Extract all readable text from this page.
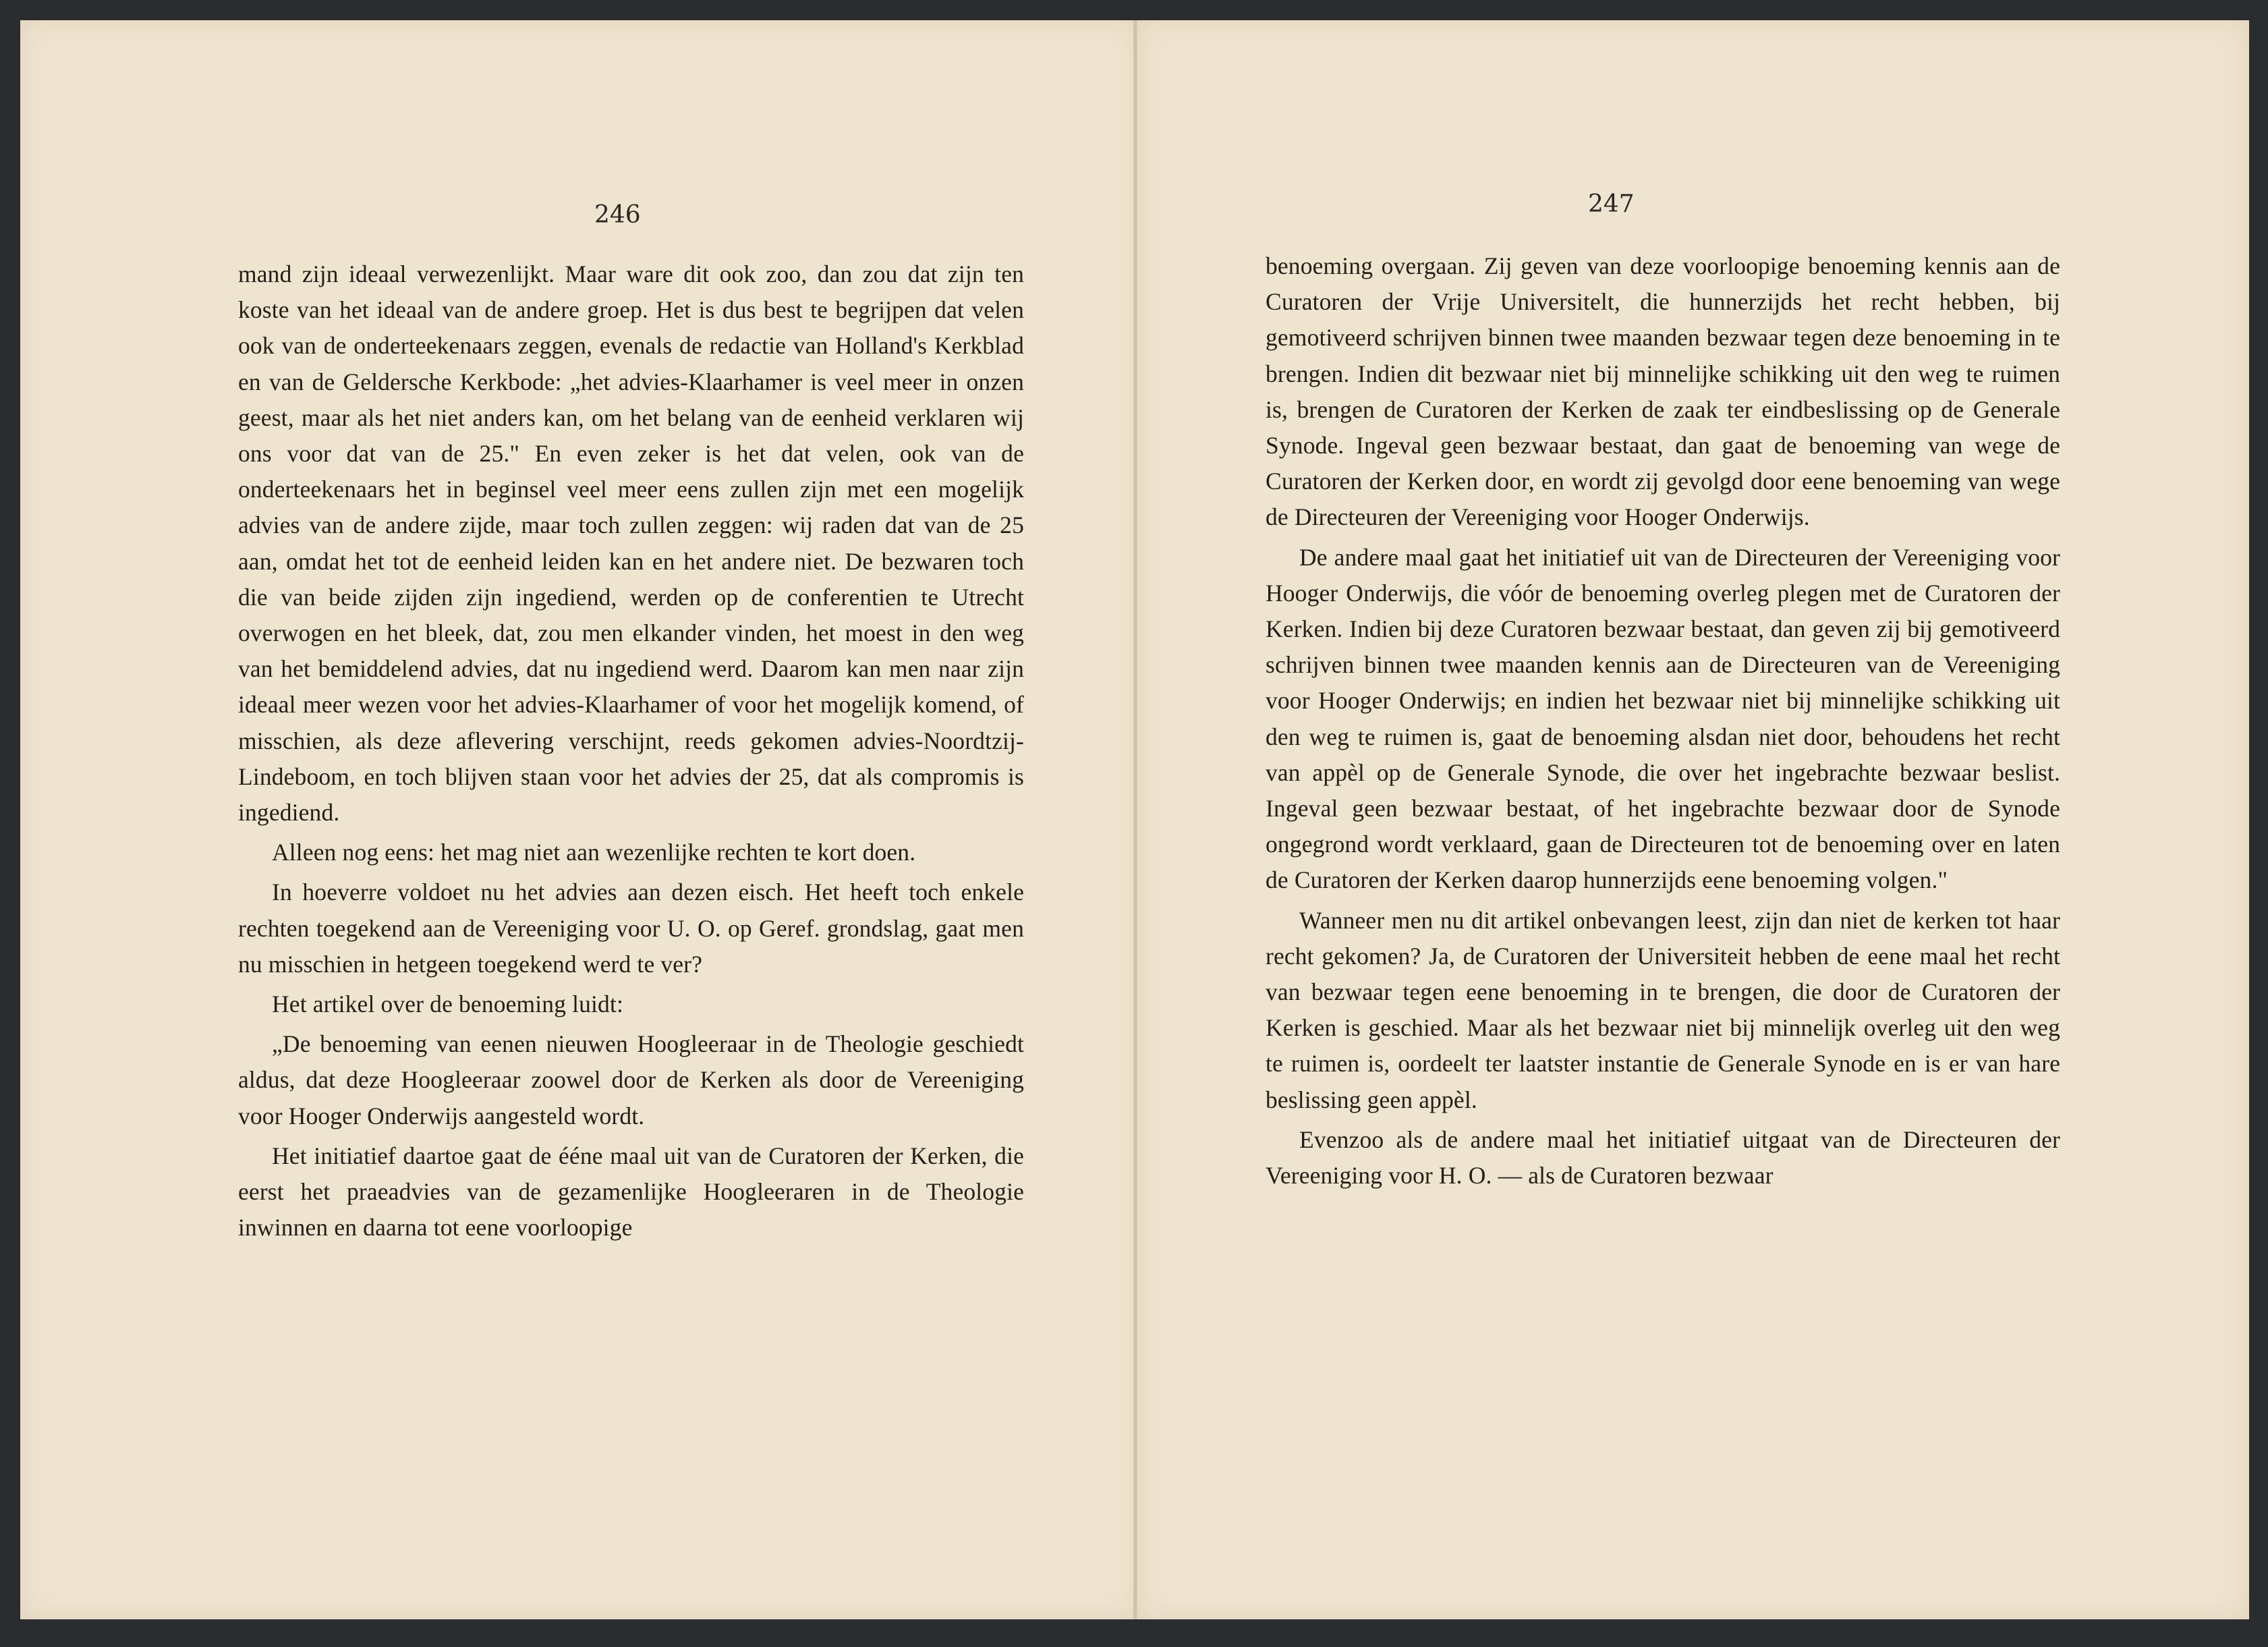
246

mand zijn ideaal verwezenlijkt. Maar ware dit ook zoo, dan zou dat zijn ten koste van het ideaal van de andere groep. Het is dus best te begrijpen dat velen ook van de onderteekenaars zeggen, evenals de redactie van Holland's Kerkblad en van de Geldersche Kerkbode: „het advies-Klaarhamer is veel meer in onzen geest, maar als het niet anders kan, om het belang van de eenheid verklaren wij ons voor dat van de 25." En even zeker is het dat velen, ook van de onderteekenaars het in beginsel veel meer eens zullen zijn met een mogelijk advies van de andere zijde, maar toch zullen zeggen: wij raden dat van de 25 aan, omdat het tot de eenheid leiden kan en het andere niet. De bezwaren toch die van beide zijden zijn ingediend, werden op de conferentien te Utrecht overwogen en het bleek, dat, zou men elkander vinden, het moest in den weg van het bemiddelend advies, dat nu ingediend werd. Daarom kan men naar zijn ideaal meer wezen voor het advies-Klaarhamer of voor het mogelijk komend, of misschien, als deze aflevering verschijnt, reeds gekomen advies-Noordtzij-Lindeboom, en toch blijven staan voor het advies der 25, dat als compromis is ingediend.

Alleen nog eens: het mag niet aan wezenlijke rechten te kort doen.

In hoeverre voldoet nu het advies aan dezen eisch. Het heeft toch enkele rechten toegekend aan de Vereeniging voor U. O. op Geref. grondslag, gaat men nu misschien in hetgeen toegekend werd te ver?

Het artikel over de benoeming luidt:

„De benoeming van eenen nieuwen Hoogleeraar in de Theologie geschiedt aldus, dat deze Hoogleeraar zoowel door de Kerken als door de Vereeniging voor Hooger Onderwijs aangesteld wordt.

Het initiatief daartoe gaat de ééne maal uit van de Curatoren der Kerken, die eerst het praeadvies van de gezamenlijke Hoogleeraren in de Theologie inwinnen en daarna tot eene voorloopige

247

benoeming overgaan. Zij geven van deze voorloopige benoeming kennis aan de Curatoren der Vrije Universitelt, die hunnerzijds het recht hebben, bij gemotiveerd schrijven binnen twee maanden bezwaar tegen deze benoeming in te brengen. Indien dit bezwaar niet bij minnelijke schikking uit den weg te ruimen is, brengen de Curatoren der Kerken de zaak ter eindbeslissing op de Generale Synode. Ingeval geen bezwaar bestaat, dan gaat de benoeming van wege de Curatoren der Kerken door, en wordt zij gevolgd door eene benoeming van wege de Directeuren der Vereeniging voor Hooger Onderwijs.

De andere maal gaat het initiatief uit van de Directeuren der Vereeniging voor Hooger Onderwijs, die vóór de benoeming overleg plegen met de Curatoren der Kerken. Indien bij deze Curatoren bezwaar bestaat, dan geven zij bij gemotiveerd schrijven binnen twee maanden kennis aan de Directeuren van de Vereeniging voor Hooger Onderwijs; en indien het bezwaar niet bij minnelijke schikking uit den weg te ruimen is, gaat de benoeming alsdan niet door, behoudens het recht van appèl op de Generale Synode, die over het ingebrachte bezwaar beslist. Ingeval geen bezwaar bestaat, of het ingebrachte bezwaar door de Synode ongegrond wordt verklaard, gaan de Directeuren tot de benoeming over en laten de Curatoren der Kerken daarop hunnerzijds eene benoeming volgen."

Wanneer men nu dit artikel onbevangen leest, zijn dan niet de kerken tot haar recht gekomen? Ja, de Curatoren der Universiteit hebben de eene maal het recht van bezwaar tegen eene benoeming in te brengen, die door de Curatoren der Kerken is geschied. Maar als het bezwaar niet bij minnelijk overleg uit den weg te ruimen is, oordeelt ter laatster instantie de Generale Synode en is er van hare beslissing geen appèl.

Evenzoo als de andere maal het initiatief uitgaat van de Directeuren der Vereeniging voor H. O. — als de Curatoren bezwaar
